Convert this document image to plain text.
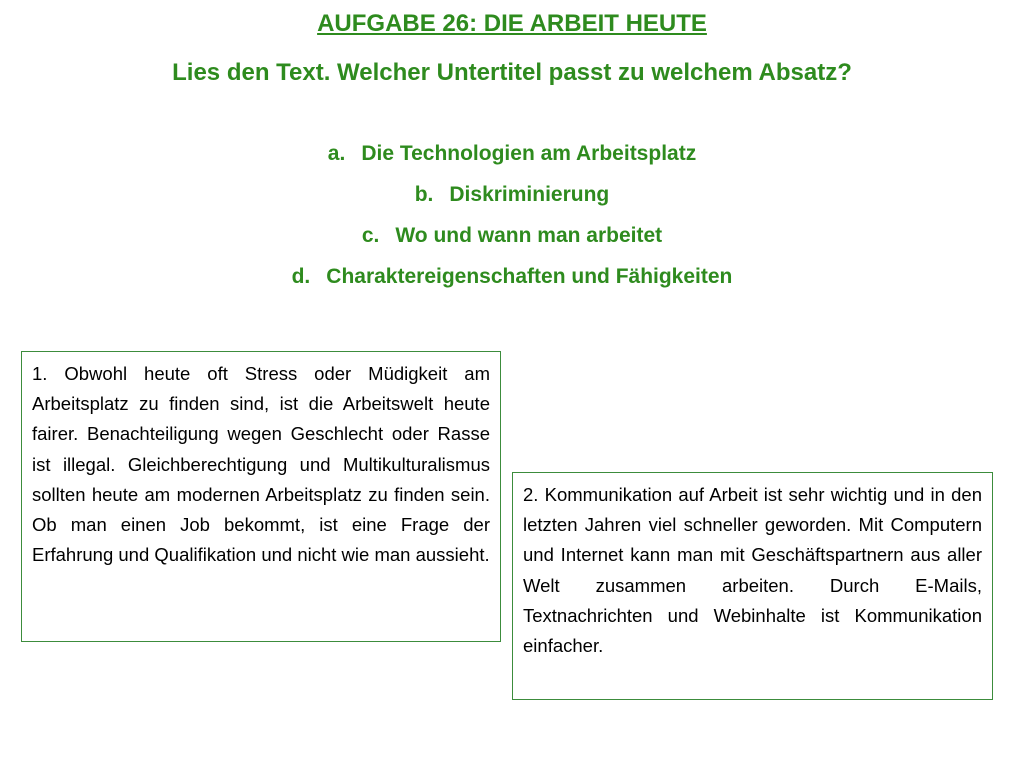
AUFGABE 26: DIE ARBEIT HEUTE
Lies den Text. Welcher Untertitel passt zu welchem Absatz?
a. Die Technologien am Arbeitsplatz
b. Diskriminierung
c. Wo und wann man arbeitet
d. Charaktereigenschaften und Fähigkeiten

1. Obwohl heute oft Stress oder Müdigkeit am Arbeitsplatz zu finden sind, ist die Arbeitswelt heute fairer. Benachteiligung wegen Geschlecht oder Rasse ist illegal. Gleichberechtigung und Multikulturalismus sollten heute am modernen Arbeitsplatz zu finden sein. Ob man einen Job bekommt, ist eine Frage der Erfahrung und Qualifikation und nicht wie man aussieht.

2. Kommunikation auf Arbeit ist sehr wichtig und in den letzten Jahren viel schneller geworden. Mit Computern und Internet kann man mit Geschäftspartnern aus aller Welt zusammen arbeiten. Durch E-Mails, Textnachrichten und Webinhalte ist Kommunikation einfacher.
